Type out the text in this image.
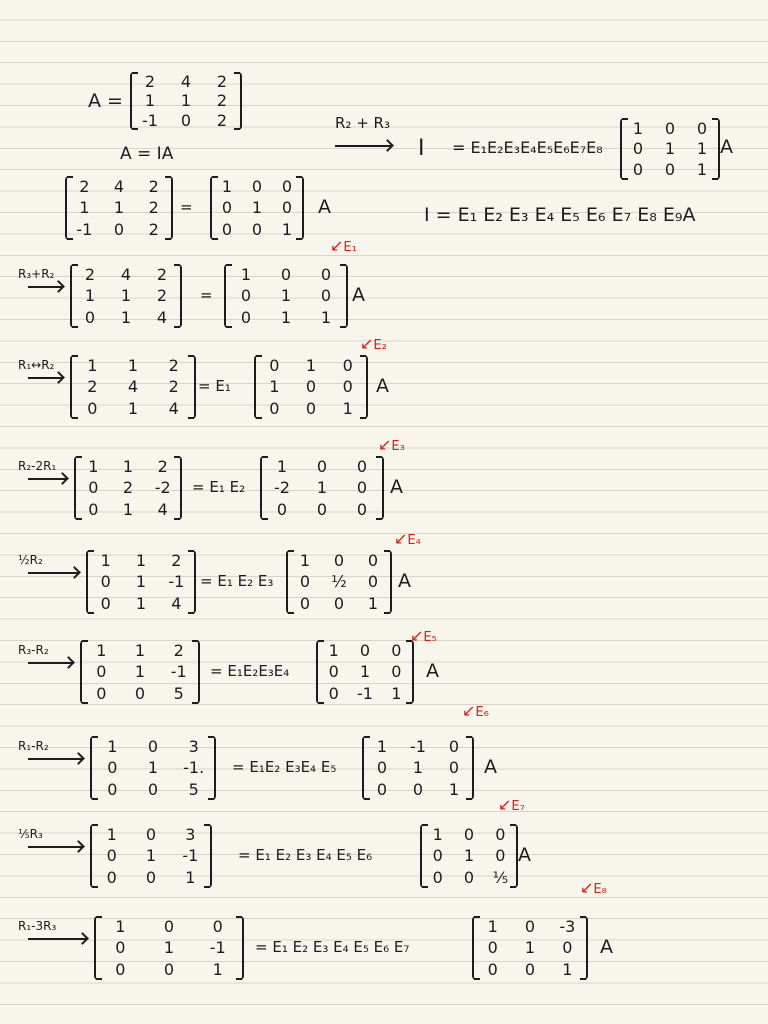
A =
2 4 2
1 1 2
-1 0 2
A = IA
R₂ + R₃
I = E₁E₂E₃E₄E₅E₆E₇E₈
1 0 0
0 1 1
0 0 1
A
I = E₁ E₂ E₃ E₄ E₅ E₆ E₇ E₈ E₉A
2 4 2
1 1 2
-1 0 2
=
1 0 0
0 1 0
0 0 1
A
R₃+R₂ 2 4 2
1 1 2
0 1 4
=
1 0 0
0 1 0
0 1 1
A
↙E₁
R₁↔R₂ 1 1 2
2 4 2
0 1 4
= E₁
0 1 0
1 0 0
0 0 1
A
↙E₂
R₂-2R₁ 1 1 2
0 2 -2
0 1 4
= E₁ E₂
1 0 0
-2 1 0
0 0 0
A
↙E₃
½R₂	1 1 2
0 1 -1
0 1 4
= E₁ E₂ E₃
1 0 0
0 ½ 0
0 0 1
A
↙E₄
R₃-R₂	1 1 2
0 1 -1
0 0 5
= E₁E₂E₃E₄
1 0 0
0 1 0
0 -1 1
A
↙E₅
R₁-R₂	1 0 3
0 1 -1.
0 0 5
= E₁E₂ E₃E₄ E₅
1 -1 0
0 1 0
0 0 1
A
↙E₆
⅕R₃	1 0 3
0 1 -1
0 0 1
= E₁ E₂ E₃ E₄ E₅ E₆
1 0 0
0 1 0
0 0 ⅕
A
↙E₇
R₁-3R₃	1 0 0
0 1 -1
0 0 1
= E₁ E₂ E₃ E₄ E₅ E₆ E₇
1 0 -3
0 1 0
0 0 1
A
↙E₈
